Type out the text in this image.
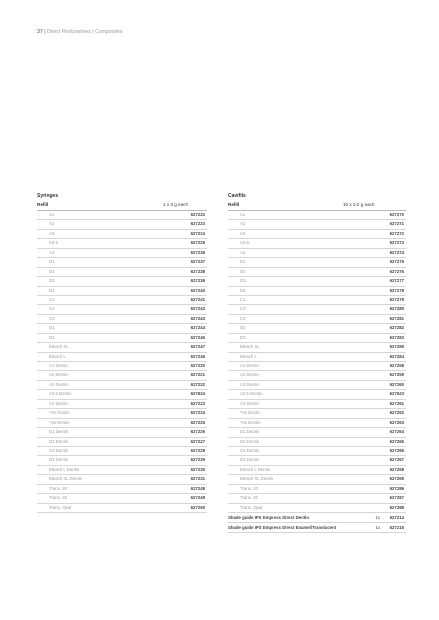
37 | Direct Restoratives | Composites
Syringes
Refill	1 x 3 g each
A1	627222
A2	627223
A3	627224
A3.5	627225
A4	627236
D1	627237
D2	627238
D3	627239
D4	627240
C1	627241
C2	627242
C3	627243
D1	627244
D3	627245
Bleach XL	627247
Bleach L	627246
A1 Dentin	627220
A2 Dentin	627221
A3 Dentin	627222
A3.5 Dentin	627624
A4 Dentin	627223
*A5 Dentin	627224
*A6 Dentin	627225
D1 Dentin	627226
D2 Dentin	627227
C3 Dentin	627228
D2 Dentin	627229
Bleach L Dentin	627230
Bleach XL Dentin	627231
Trans. 20	627248
Trans. 30	627249
Trans. Opal	627250
Cavifils
Refill	10 x 0.2 g each
A1	627270
A2	627271
A3	627272
A3.5	627273
A4	627274
D1	627275
D2	627276
D3	627277
D4	627278
C1	627279
C2	627280
C3	627281
D2	627282
D3	627283
Bleach XL	627285
Bleach L	627284
A1 Dentin	627258
A2 Dentin	627259
A3 Dentin	627260
A3.5 Dentin	627623
A4 Dentin	627261
*A5 Dentin	627262
*A6 Dentin	627263
D1 Dentin	627264
D2 Dentin	627265
C3 Dentin	627266
D3 Dentin	627267
Bleach L Dentin	627268
Bleach XL Dentin	627269
Trans. 20	627286
Trans. 30	627287
Trans. Opal	627288
Shade guide IPS Empress Direct Dentin	1x 627214
Shade guide IPS Empress Direct Enamel/Translucent	1x 627215
